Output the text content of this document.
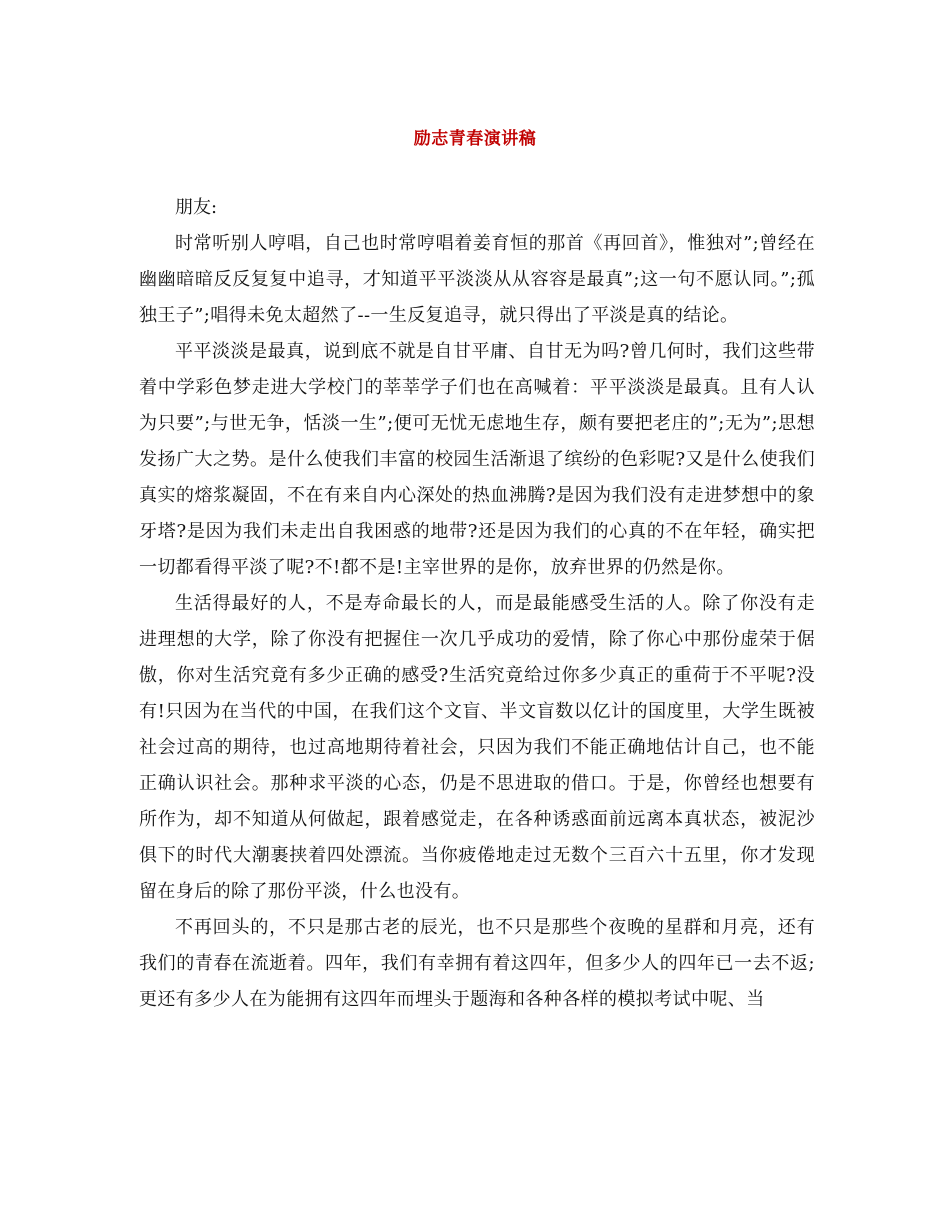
励志青春演讲稿

朋友:

时常听别人哼唱，自己也时常哼唱着姜育恒的那首《再回首》，惟独对”;曾经在幽幽暗暗反反复复中追寻，才知道平平淡淡从从容容是最真”;这一句不愿认同。”;孤独王子”;唱得未免太超然了--一生反复追寻，就只得出了平淡是真的结论。

平平淡淡是最真，说到底不就是自甘平庸、自甘无为吗?曾几何时，我们这些带着中学彩色梦走进大学校门的莘莘学子们也在高喊着：平平淡淡是最真。且有人认为只要”;与世无争，恬淡一生”;便可无忧无虑地生存，颇有要把老庄的”;无为”;思想发扬广大之势。是什么使我们丰富的校园生活渐退了缤纷的色彩呢?又是什么使我们真实的熔浆凝固，不在有来自内心深处的热血沸腾?是因为我们没有走进梦想中的象牙塔?是因为我们未走出自我困惑的地带?还是因为我们的心真的不在年轻，确实把一切都看得平淡了呢?不!都不是!主宰世界的是你，放弃世界的仍然是你。

生活得最好的人，不是寿命最长的人，而是最能感受生活的人。除了你没有走进理想的大学，除了你没有把握住一次几乎成功的爱情，除了你心中那份虚荣于倨傲，你对生活究竟有多少正确的感受?生活究竟给过你多少真正的重荷于不平呢?没有!只因为在当代的中国，在我们这个文盲、半文盲数以亿计的国度里，大学生既被社会过高的期待，也过高地期待着社会，只因为我们不能正确地估计自己，也不能正确认识社会。那种求平淡的心态，仍是不思进取的借口。于是，你曾经也想要有所作为，却不知道从何做起，跟着感觉走，在各种诱惑面前远离本真状态，被泥沙俱下的时代大潮裹挟着四处漂流。当你疲倦地走过无数个三百六十五里，你才发现留在身后的除了那份平淡，什么也没有。

不再回头的，不只是那古老的辰光，也不只是那些个夜晚的星群和月亮，还有我们的青春在流逝着。四年，我们有幸拥有着这四年，但多少人的四年已一去不返;更还有多少人在为能拥有这四年而埋头于题海和各种各样的模拟考试中呢、当
